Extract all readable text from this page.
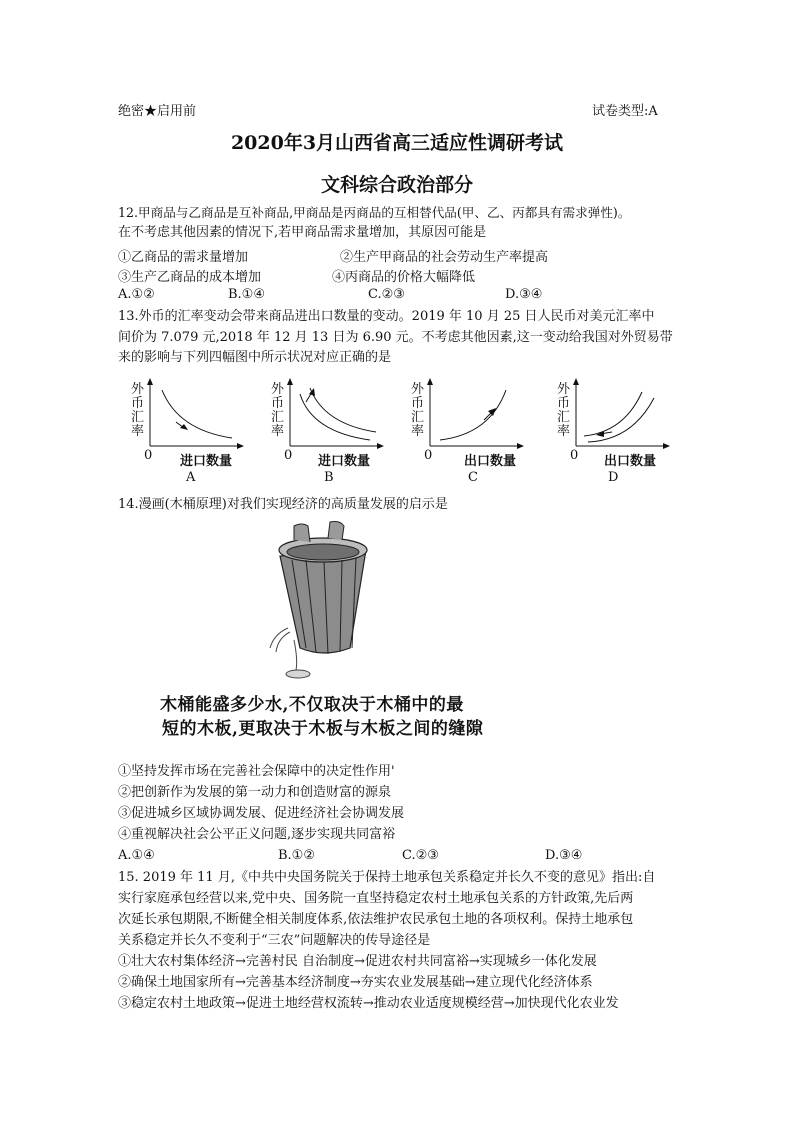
绝密★启用前	试卷类型:A
2020年3月山西省高三适应性调研考试
文科综合政治部分
12.甲商品与乙商品是互补商品,甲商品是丙商品的互相替代品(甲、乙、丙都具有需求弹性)。
在不考虑其他因素的情况下,若甲商品需求量增加，其原因可能是
①乙商品的需求量增加	②生产甲商品的社会劳动生产率提高
③生产乙商品的成本增加	④丙商品的价格大幅降低
A.①②	B.①④	C.②③	D.③④
13.外币的汇率变动会带来商品进出口数量的变动。2019 年 10 月 25 日人民币对美元汇率中
间价为 7.079 元,2018 年 12 月 13 日为 6.90 元。不考虑其他因素,这一变动给我国对外贸易带
来的影响与下列四幅图中所示状况对应正确的是
外
币
汇
率
0 进口数量
A
外
币
汇
率
0 进口数量
B
外
币
汇
率
0 出口数量
C
外
币
汇
率
0 出口数量
D
14.漫画(木桶原理)对我们实现经济的高质量发展的启示是
木桶能盛多少水,不仅取决于木桶中的最
短的木板,更取决于木板与木板之间的缝隙
①坚持发挥市场在完善社会保障中的决定性作用'
②把创新作为发展的第一动力和创造财富的源泉
③促进城乡区域协调发展、促进经济社会协调发展
④重视解决社会公平正义问题,逐步实现共同富裕
A.①④	B.①②	C.②③	D.③④
15. 2019 年 11 月,《中共中央国务院关于保持土地承包关系稳定并长久不变的意见》指出:自
实行家庭承包经营以来,党中央、国务院一直坚持稳定农村土地承包关系的方针政策,先后两
次延长承包期限,不断健全相关制度体系,依法维护农民承包土地的各项权利。保持土地承包
关系稳定并长久不变利于“三农”问题解决的传导途径是
①壮大农村集体经济→完善村民 自治制度→促进农村共同富裕→实现城乡一体化发展
②确保土地国家所有→完善基本经济制度→夯实农业发展基础→建立现代化经济体系
③稳定农村土地政策→促进土地经营权流转→推动农业适度规模经营→加快现代化农业发
